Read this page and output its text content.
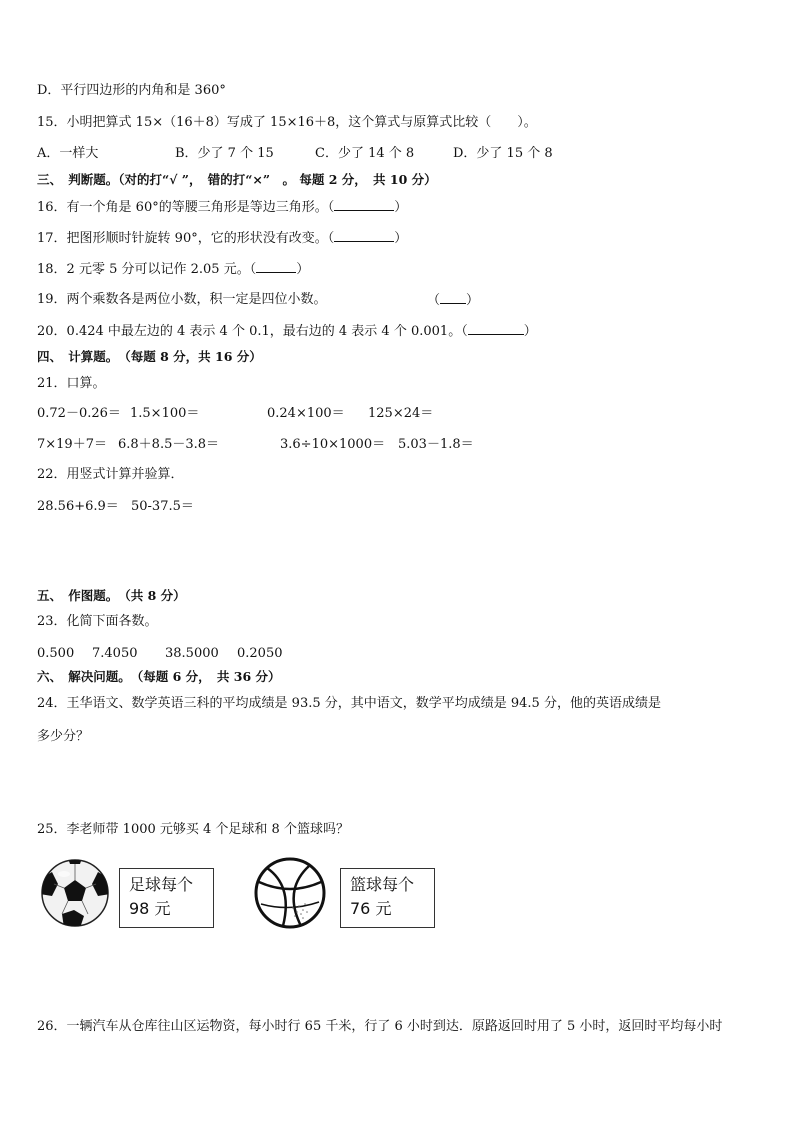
D．平行四边形的内角和是 360°
15．小明把算式 15×（16＋8）写成了 15×16＋8，这个算式与原算式比较（　　）。
A．一样大	B．少了 7 个 15	C．少了 14 个 8	D．少了 15 个 8
三、　判断题。（对的打“√ ”，　错的打“×”　。 每题 2 分，　共 10 分）
16．有一个角是 60°的等腰三角形是等边三角形。（	）
17．把图形顺时针旋转 90°，它的形状没有改变。（	）
18．2 元零 5 分可以记作 2.05 元。（	）
19．两个乘数各是两位小数，积一定是四位小数。	（ ）
20．0.424 中最左边的 4 表示 4 个 0.1，最右边的 4 表示 4 个 0.001。（	）
四、　计算题。　（每题 8 分，共 16 分）
21．口算。
0.72－0.26＝ 1.5×100＝	0.24×100＝ 125×24＝
7×19＋7＝ 6.8＋8.5－3.8＝	3.6÷10×1000＝ 5.03－1.8＝
22．用竖式计算并验算．
28.56+6.9＝ 50-37.5＝
五、　作图题。　（共 8 分）
23．化简下面各数。
0.500 7.4050 38.5000 0.2050
六、　解决问题。　（每题 6 分，　共 36 分）
24．王华语文、数学英语三科的平均成绩是 93.5 分，其中语文，数学平均成绩是 94.5 分，他的英语成绩是
多少分？
25．李老师带 1000 元够买 4 个足球和 8 个篮球吗？
足球每个
98 元
篮球每个
76 元
26．一辆汽车从仓库往山区运物资，每小时行 65 千米，行了 6 小时到达．原路返回时用了 5 小时，返回时平均每小时
